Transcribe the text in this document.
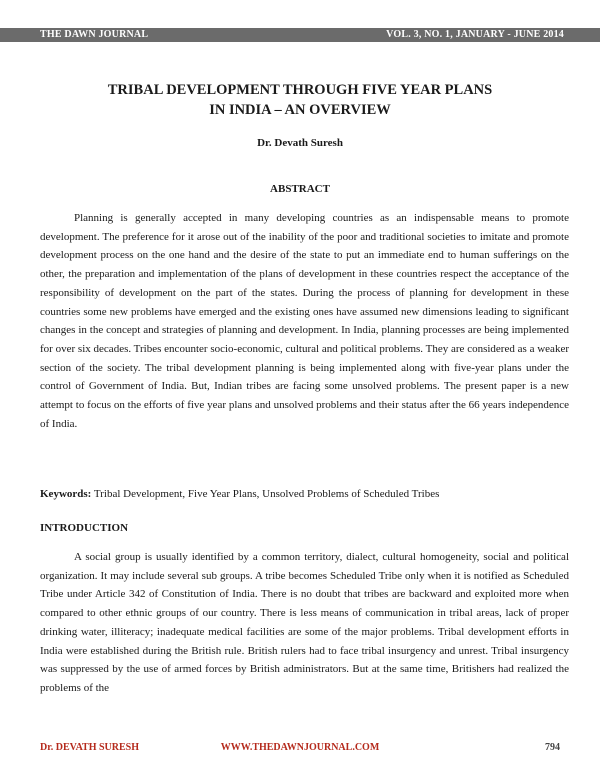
THE DAWN JOURNAL	VOL. 3, NO. 1, JANUARY - JUNE 2014
TRIBAL DEVELOPMENT THROUGH FIVE YEAR PLANS
IN INDIA – AN OVERVIEW
Dr. Devath Suresh
ABSTRACT
Planning is generally accepted in many developing countries as an indispensable means to promote development. The preference for it arose out of the inability of the poor and traditional societies to imitate and promote development process on the one hand and the desire of the state to put an immediate end to human sufferings on the other, the preparation and implementation of the plans of development in these countries respect the acceptance of the responsibility of development on the part of the states. During the process of planning for development in these countries some new problems have emerged and the existing ones have assumed new dimensions leading to significant changes in the concept and strategies of planning and development. In India, planning processes are being implemented for over six decades. Tribes encounter socio-economic, cultural and political problems. They are considered as a weaker section of the society. The tribal development planning is being implemented along with five-year plans under the control of Government of India. But, Indian tribes are facing some unsolved problems. The present paper is a new attempt to focus on the efforts of five year plans and unsolved problems and their status after the 66 years independence of India.
Keywords: Tribal Development, Five Year Plans, Unsolved Problems of Scheduled Tribes
INTRODUCTION
A social group is usually identified by a common territory, dialect, cultural homogeneity, social and political organization. It may include several sub groups. A tribe becomes Scheduled Tribe only when it is notified as Scheduled Tribe under Article 342 of Constitution of India. There is no doubt that tribes are backward and exploited more when compared to other ethnic groups of our country. There is less means of communication in tribal areas, lack of proper drinking water, illiteracy; inadequate medical facilities are some of the major problems. Tribal development efforts in India were established during the British rule. British rulers had to face tribal insurgency and unrest. Tribal insurgency was suppressed by the use of armed forces by British administrators. But at the same time, Britishers had realized the problems of the
Dr. DEVATH SURESH	WWW.THEDAWNJOURNAL.COM	794
